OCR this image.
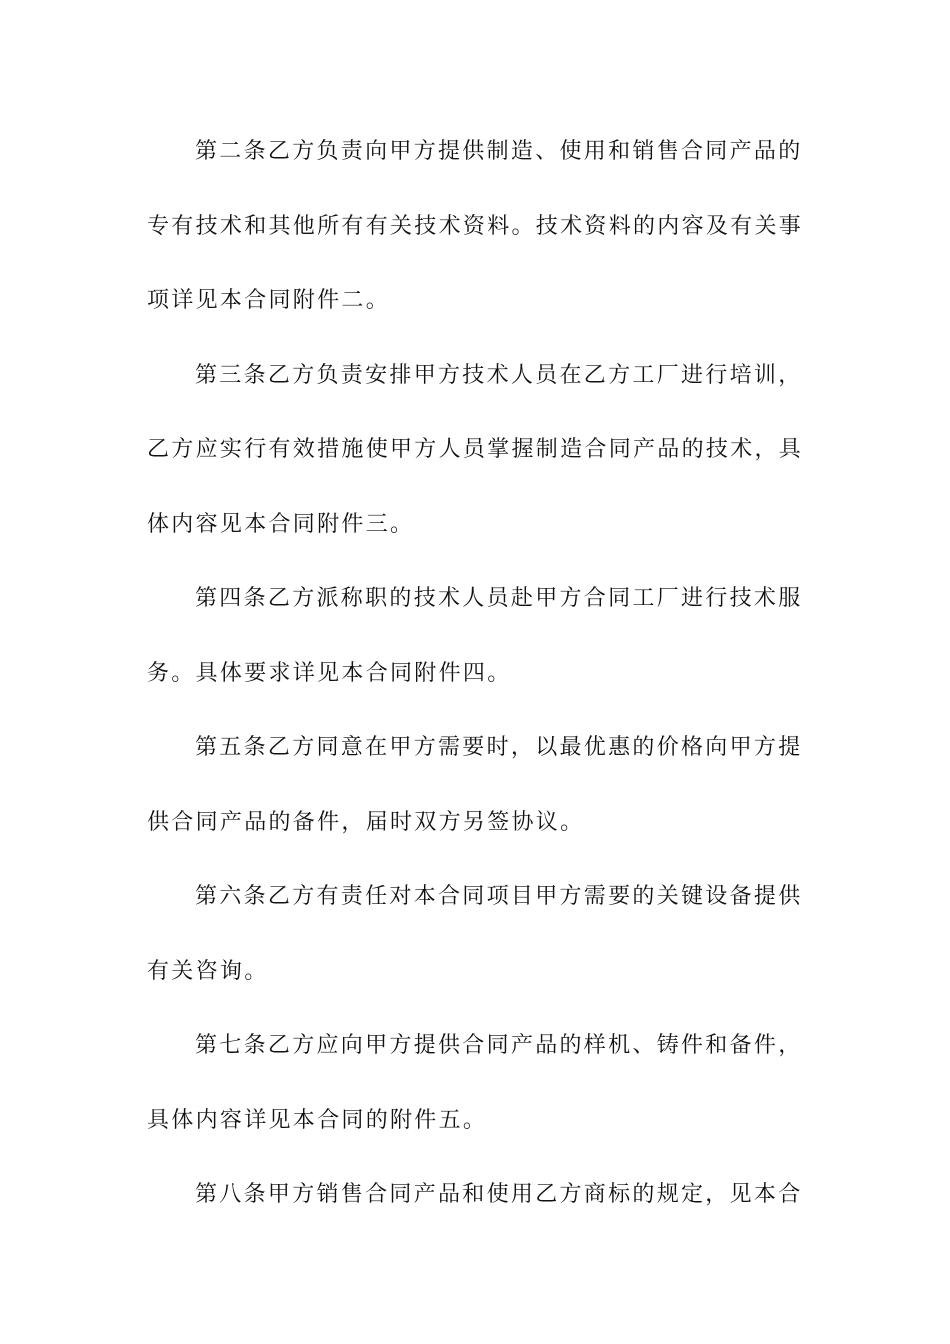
第二条乙方负责向甲方提供制造、使用和销售合同产品的
专有技术和其他所有有关技术资料。技术资料的内容及有关事
项详见本合同附件二。
第三条乙方负责安排甲方技术人员在乙方工厂进行培训，
乙方应实行有效措施使甲方人员掌握制造合同产品的技术，具
体内容见本合同附件三。
第四条乙方派称职的技术人员赴甲方合同工厂进行技术服
务。具体要求详见本合同附件四。
第五条乙方同意在甲方需要时，以最优惠的价格向甲方提
供合同产品的备件，届时双方另签协议。
第六条乙方有责任对本合同项目甲方需要的关键设备提供
有关咨询。
第七条乙方应向甲方提供合同产品的样机、铸件和备件，
具体内容详见本合同的附件五。
第八条甲方销售合同产品和使用乙方商标的规定，见本合
